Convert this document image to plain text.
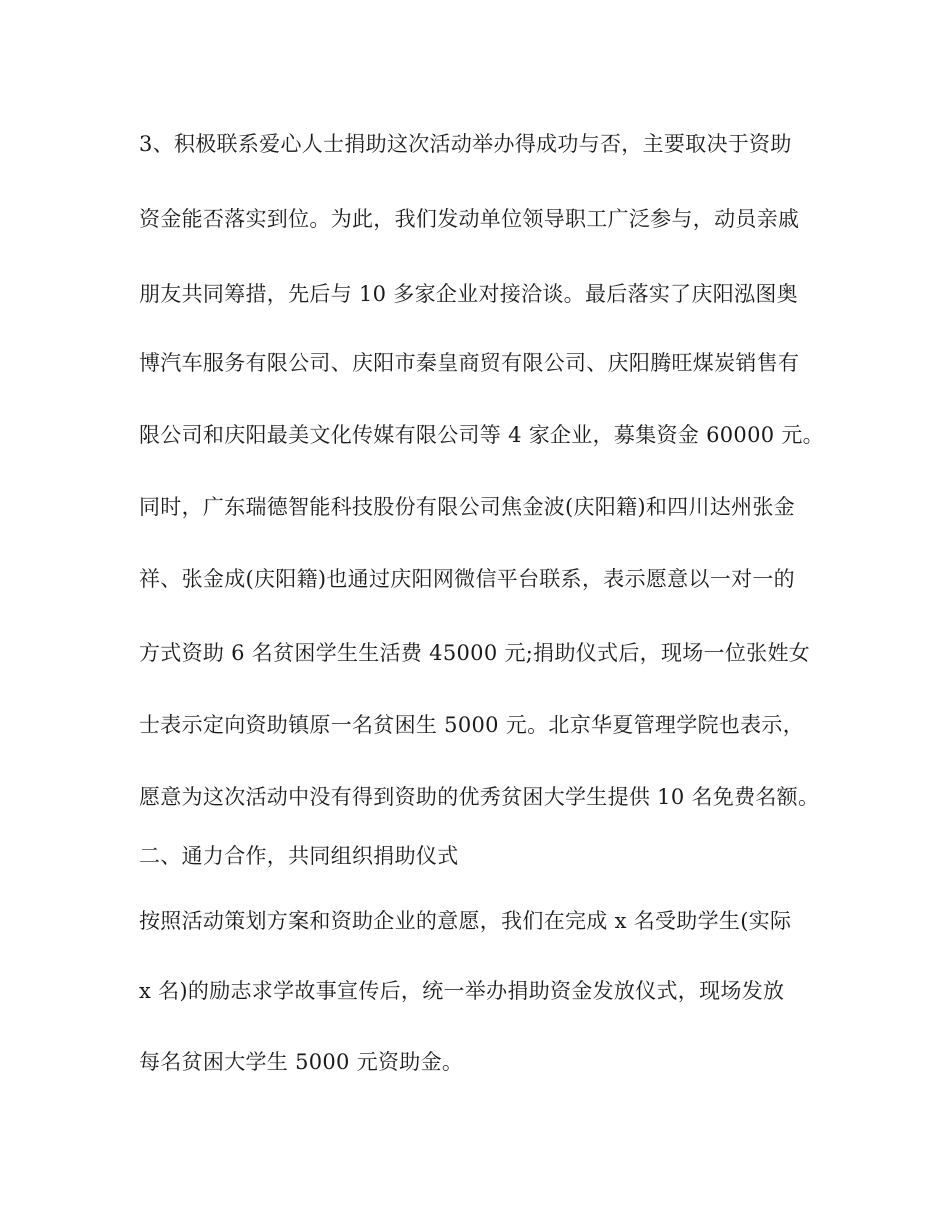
3、积极联系爱心人士捐助这次活动举办得成功与否，主要取决于资助
资金能否落实到位。为此，我们发动单位领导职工广泛参与，动员亲戚
朋友共同筹措，先后与 10 多家企业对接洽谈。最后落实了庆阳泓图奥
博汽车服务有限公司、庆阳市秦皇商贸有限公司、庆阳腾旺煤炭销售有
限公司和庆阳最美文化传媒有限公司等 4 家企业，募集资金 60000 元。
同时，广东瑞德智能科技股份有限公司焦金波(庆阳籍)和四川达州张金
祥、张金成(庆阳籍)也通过庆阳网微信平台联系，表示愿意以一对一的
方式资助 6 名贫困学生生活费 45000 元;捐助仪式后，现场一位张姓女
士表示定向资助镇原一名贫困生 5000 元。北京华夏管理学院也表示，
愿意为这次活动中没有得到资助的优秀贫困大学生提供 10 名免费名额。
二、通力合作，共同组织捐助仪式
按照活动策划方案和资助企业的意愿，我们在完成 x 名受助学生(实际
x 名)的励志求学故事宣传后，统一举办捐助资金发放仪式，现场发放
每名贫困大学生 5000 元资助金。
